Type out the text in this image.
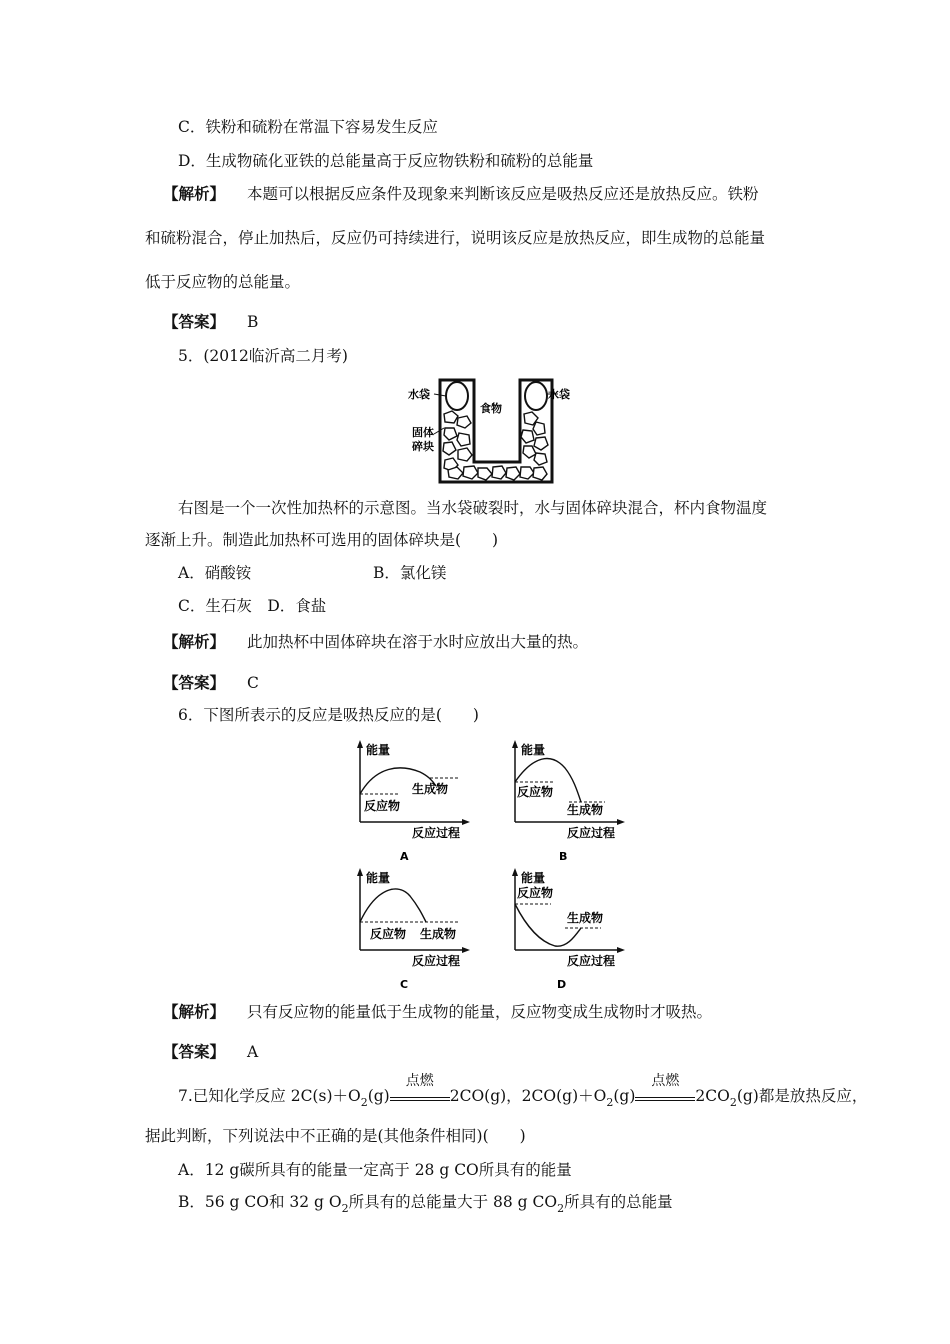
C．铁粉和硫粉在常温下容易发生反应
D．生成物硫化亚铁的总能量高于反应物铁粉和硫粉的总能量
【解析】 本题可以根据反应条件及现象来判断该反应是吸热反应还是放热反应。铁粉
和硫粉混合，停止加热后，反应仍可持续进行，说明该反应是放热反应，即生成物的总能量
低于反应物的总能量。
【答案】 B
5．(2012临沂高二月考)
水袋	水袋
食物
固体
碎块
右图是一个一次性加热杯的示意图。当水袋破裂时，水与固体碎块混合，杯内食物温度
逐渐上升。制造此加热杯可选用的固体碎块是(　　)
A．硝酸铵	B．氯化镁
C．生石灰　D．食盐
【解析】 此加热杯中固体碎块在溶于水时应放出大量的热。
【答案】 C
6．下图所表示的反应是吸热反应的是(　　)
能量
反应物
生成物
反应过程
A
能量
反应物
生成物
反应过程
B
能量
反应物 生成物
反应过程
C
能量
反应物
生成物
反应过程
D
【解析】 只有反应物的能量低于生成物的能量，反应物变成生成物时才吸热。
【答案】 A
7.已知化学反应 $2C(s)+O_2(g)$
点燃
2CO(g)，$2CO(g)+O_2(g)$
点燃
$2CO_2(g)$都是放热反应，
据此判断，下列说法中不正确的是(其他条件相同)(　　)
A．12 g碳所具有的能量一定高于 28 g CO所具有的能量
B．56 g CO和 32 g $O_2$所具有的总能量大于 88 g $CO_2$所具有的总能量
